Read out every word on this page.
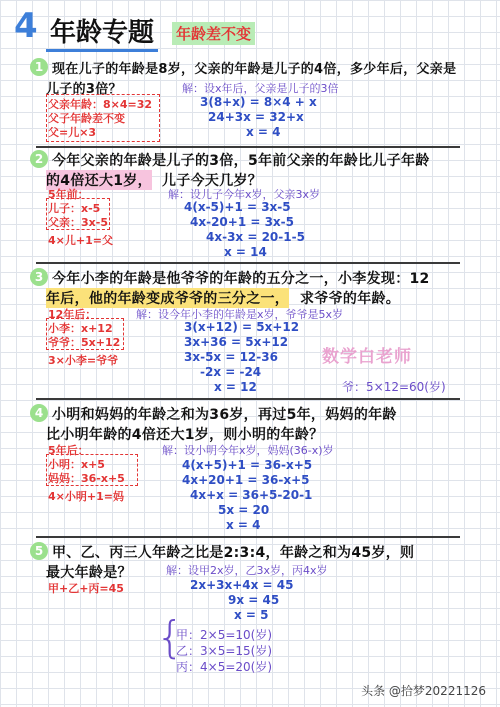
4 年龄专题 年龄差不变
1 现在儿子的年龄是8岁，父亲的年龄是儿子的4倍，多少年后，父亲是
儿子的3倍？
父亲年龄：8×4=32
父子年龄差不变
父=儿×3
解：设x年后，父亲是儿子的3倍
3(8+x) = 8×4 + x
24+3x = 32+x
x = 4
2 今年父亲的年龄是儿子的3倍，5年前父亲的年龄比儿子年龄
的4倍还大1岁， 儿子今天几岁？
5年前：
儿子：x-5
父亲：3x-5
4×儿+1=父
解：设儿子今年x岁，父亲3x岁
4(x-5)+1 = 3x-5
4x-20+1 = 3x-5
4x-3x = 20-1-5
x = 14
3 今年小李的年龄是他爷爷的年龄的五分之一，小李发现：12
年后，他的年龄变成爷爷的三分之一， 求爷爷的年龄。
12年后：
小李：x+12
爷爷：5x+12
3×小李=爷爷
解：设今年小李的年龄是x岁，爷爷是5x岁
3(x+12) = 5x+12
3x+36 = 5x+12
3x-5x = 12-36
-2x = -24
x = 12
数学白老师
爷：5×12=60(岁)
4 小明和妈妈的年龄之和为36岁，再过5年，妈妈的年龄
比小明年龄的4倍还大1岁，则小明的年龄？
5年后：
小明：x+5
妈妈：36-x+5
4×小明+1=妈
解：设小明今年x岁，妈妈(36-x)岁
4(x+5)+1 = 36-x+5
4x+20+1 = 36-x+5
4x+x = 36+5-20-1
5x = 20
x = 4
5 甲、乙、丙三人年龄之比是2:3:4，年龄之和为45岁，则
最大年龄是？
甲+乙+丙=45
解：设甲2x岁，乙3x岁，丙4x岁
2x+3x+4x = 45
9x = 45
x = 5
{
甲：2×5=10(岁)
乙：3×5=15(岁)
丙：4×5=20(岁)
头条 @拾梦20221126
